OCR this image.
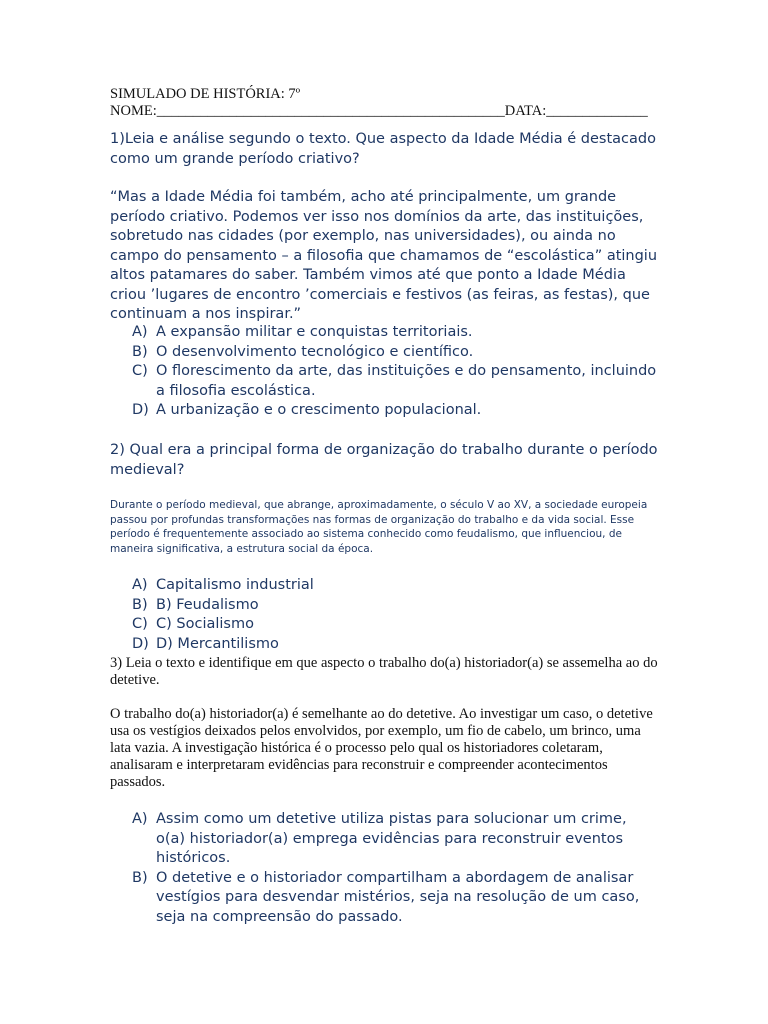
SIMULADO DE HISTÓRIA: 7º
NOME:________________________________________________DATA:______________
1)Leia e análise segundo o texto. Que aspecto da Idade Média é destacado como um grande período criativo?
“Mas a Idade Média foi também, acho até principalmente, um grande período criativo. Podemos ver isso nos domínios da arte, das instituições, sobretudo nas cidades (por exemplo, nas universidades), ou ainda no campo do pensamento – a filosofia que chamamos de “escolástica” atingiu altos patamares do saber. Também vimos até que ponto a Idade Média criou ’lugares de encontro ’comerciais e festivos (as feiras, as festas), que continuam a nos inspirar.”
A) A expansão militar e conquistas territoriais.
B) O desenvolvimento tecnológico e científico.
C) O florescimento da arte, das instituições e do pensamento, incluindo a filosofia escolástica.
D) A urbanização e o crescimento populacional.
2) Qual era a principal forma de organização do trabalho durante o período medieval?
Durante o período medieval, que abrange, aproximadamente, o século V ao XV, a sociedade europeia passou por profundas transformações nas formas de organização do trabalho e da vida social. Esse período é frequentemente associado ao sistema conhecido como feudalismo, que influenciou, de maneira significativa, a estrutura social da época.
A) Capitalismo industrial
B) B) Feudalismo
C) C) Socialismo
D) D) Mercantilismo
3) Leia o texto e identifique em que aspecto o trabalho do(a) historiador(a) se assemelha ao do detetive.
O trabalho do(a) historiador(a) é semelhante ao do detetive. Ao investigar um caso, o detetive usa os vestígios deixados pelos envolvidos, por exemplo, um fio de cabelo, um brinco, uma lata vazia. A investigação histórica é o processo pelo qual os historiadores coletaram, analisaram e interpretaram evidências para reconstruir e compreender acontecimentos passados.
A) Assim como um detetive utiliza pistas para solucionar um crime, o(a) historiador(a) emprega evidências para reconstruir eventos históricos.
B) O detetive e o historiador compartilham a abordagem de analisar vestígios para desvendar mistérios, seja na resolução de um caso, seja na compreensão do passado.
